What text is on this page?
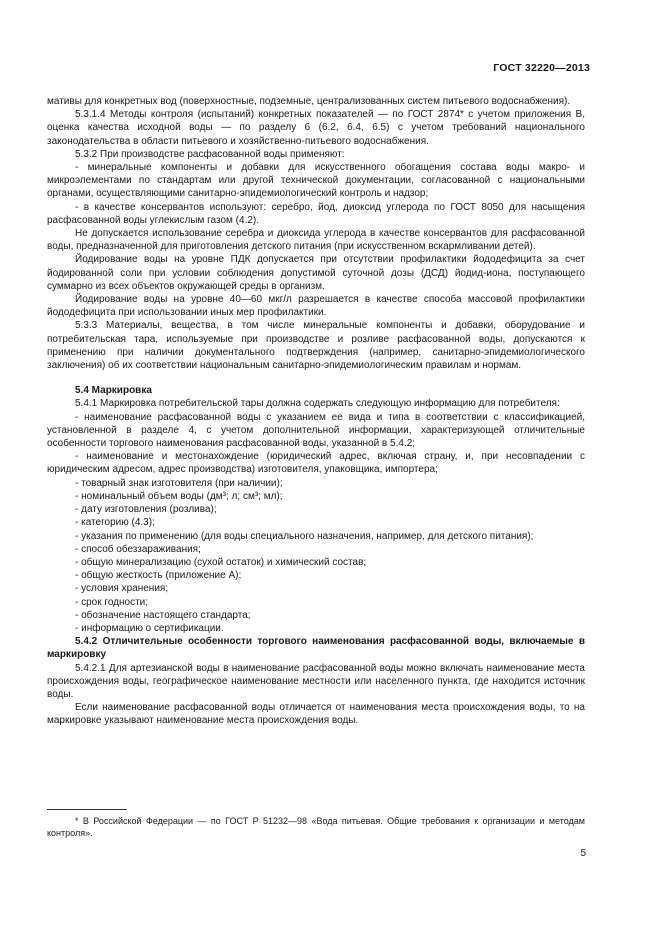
ГОСТ 32220—2013

мативы для конкретных вод (поверхностные, подземные, централизованных систем питьевого водоснабжения).

5.3.1.4 Методы контроля (испытаний) конкретных показателей — по ГОСТ 2874* с учетом приложения В, оценка качества исходной воды — по разделу 6 (6.2, 6.4, 6.5) с учетом требований национального законодательства в области питьевого и хозяйственно-питьевого водоснабжения.

5.3.2 При производстве расфасованной воды применяют:

- минеральные компоненты и добавки для искусственного обогащения состава воды макро- и микроэлементами по стандартам или другой технической документации, согласованной с национальными органами, осуществляющими санитарно-эпидемиологический контроль и надзор;

- в качестве консервантов используют: серебро, йод, диоксид углерода по ГОСТ 8050 для насыщения расфасованной воды углекислым газом (4.2).

Не допускается использование серебра и диоксида углерода в качестве консервантов для расфасованной воды, предназначенной для приготовления детского питания (при искусственном вскармливании детей).

Йодирование воды на уровне ПДК допускается при отсутствии профилактики йододефицита за счет йодированной соли при условии соблюдения допустимой суточной дозы (ДСД) йодид-иона, поступающего суммарно из всех объектов окружающей среды в организм.

Йодирование воды на уровне 40—60 мкг/л разрешается в качестве способа массовой профилактики йододефицита при использовании иных мер профилактики.

5.3.3 Материалы, вещества, в том числе минеральные компоненты и добавки, оборудование и потребительская тара, используемые при производстве и розливе расфасованной воды, допускаются к применению при наличии документального подтверждения (например, санитарно-эпидемиологического заключения) об их соответствии национальным санитарно-эпидемиологическим правилам и нормам.

5.4 Маркировка

5.4.1 Маркировка потребительской тары должна содержать следующую информацию для потребителя:

- наименование расфасованной воды с указанием ее вида и типа в соответствии с классификацией, установленной в разделе 4, с учетом дополнительной информации, характеризующей отличительные особенности торгового наименования расфасованной воды, указанной в 5.4.2;

- наименование и местонахождение (юридический адрес, включая страну, и, при несовпадении с юридическим адресом, адрес производства) изготовителя, упаковщика, импортера;

- товарный знак изготовителя (при наличии);

- номинальный объем воды (дм³; л; см³; мл);

- дату изготовления (розлива);

- категорию (4.3);

- указания по применению (для воды специального назначения, например, для детского питания);

- способ обеззараживания;

- общую минерализацию (сухой остаток) и химический состав;

- общую жесткость (приложение А);

- условия хранения;

- срок годности;

- обозначение настоящего стандарта;

- информацию о сертификации.

5.4.2 Отличительные особенности торгового наименования расфасованной воды, включаемые в маркировку

5.4.2.1 Для артезианской воды в наименование расфасованной воды можно включать наименование места происхождения воды, географическое наименование местности или населенного пункта, где находится источник воды.

Если наименование расфасованной воды отличается от наименования места происхождения воды, то на маркировке указывают наименование места происхождения воды.

* В Российской Федерации — по ГОСТ Р 51232—98 «Вода питьевая. Общие требования к организации и методам контроля».
5
